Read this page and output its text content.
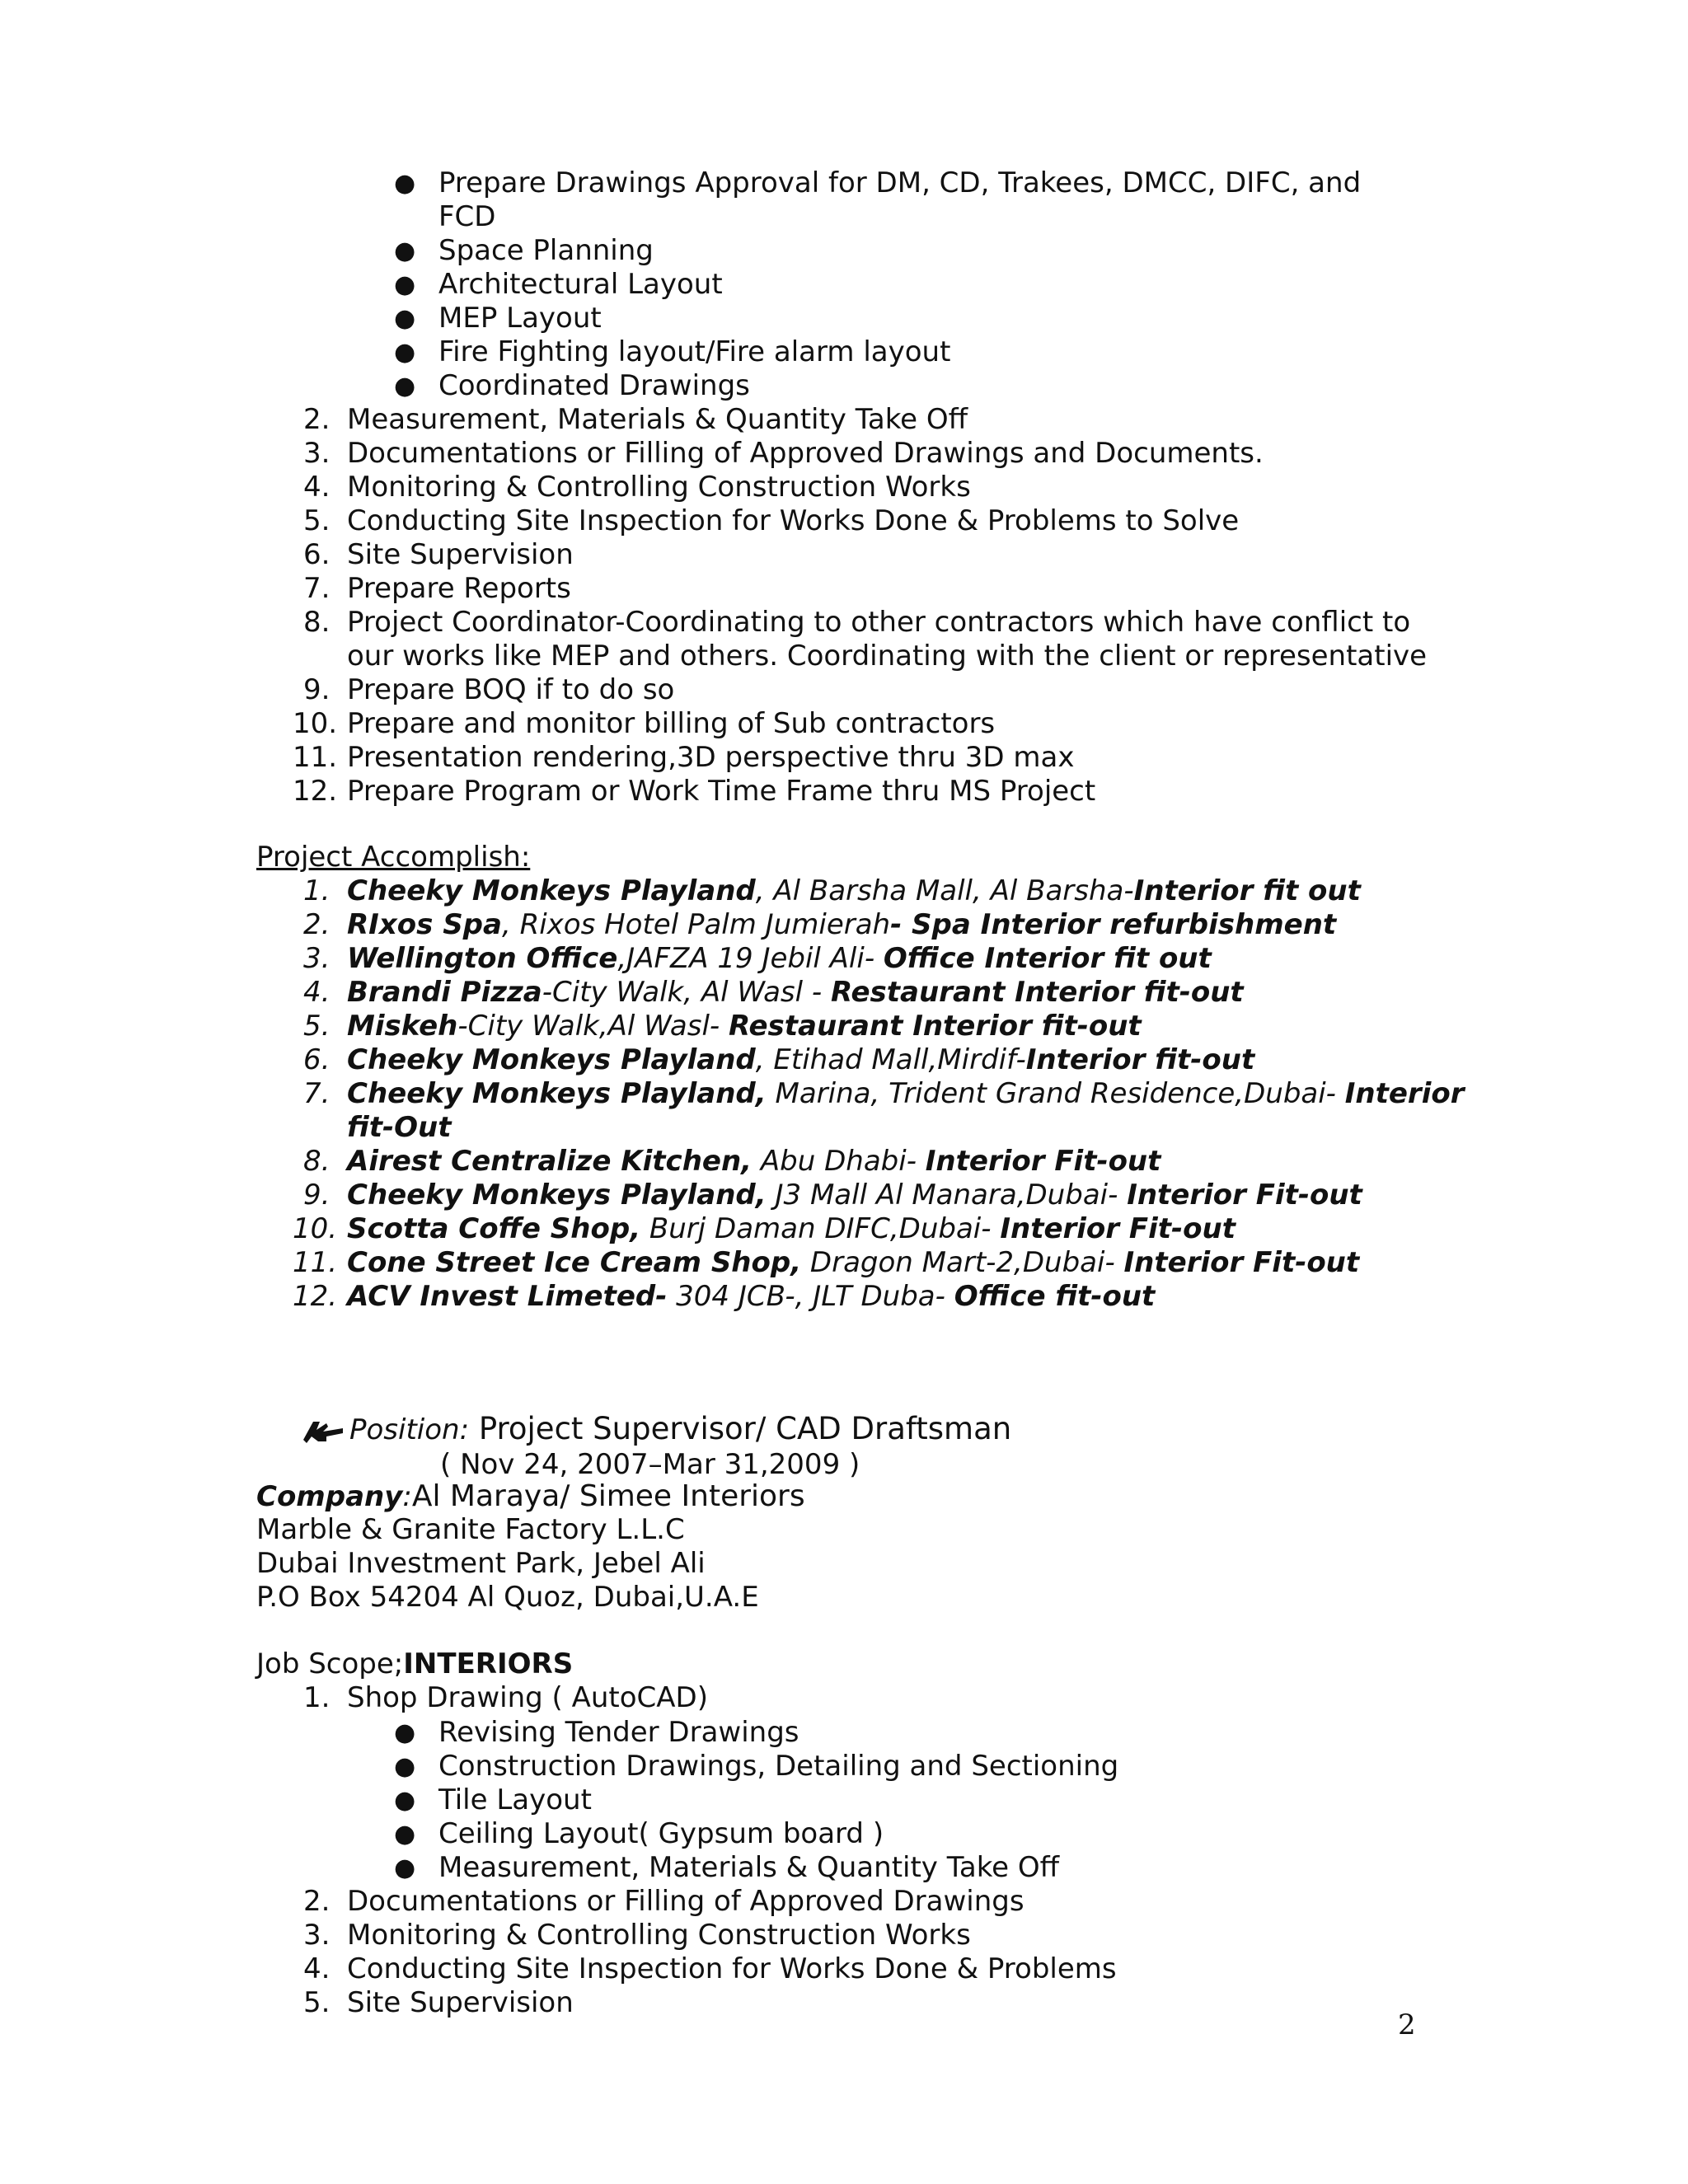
● Prepare Drawings Approval for DM, CD, Trakees, DMCC, DIFC, and
FCD
● Space Planning
● Architectural Layout
● MEP Layout
● Fire Fighting layout/Fire alarm layout
● Coordinated Drawings
2. Measurement, Materials & Quantity Take Off
3. Documentations or Filling of Approved Drawings and Documents.
4. Monitoring & Controlling Construction Works
5. Conducting Site Inspection for Works Done & Problems to Solve
6. Site Supervision
7. Prepare Reports
8. Project Coordinator-Coordinating to other contractors which have conflict to
our works like MEP and others. Coordinating with the client or representative
9. Prepare BOQ if to do so
10. Prepare and monitor billing of Sub contractors
11. Presentation rendering,3D perspective thru 3D max
12. Prepare Program or Work Time Frame thru MS Project
Project Accomplish:
1. Cheeky Monkeys Playland, Al Barsha Mall, Al Barsha-Interior fit out
2. RIxos Spa, Rixos Hotel Palm Jumierah- Spa Interior refurbishment
3. Wellington Office,JAFZA 19 Jebil Ali- Office Interior fit out
4. Brandi Pizza-City Walk, Al Wasl - Restaurant Interior fit-out
5. Miskeh-City Walk,Al Wasl- Restaurant Interior fit-out
6. Cheeky Monkeys Playland, Etihad Mall,Mirdif-Interior fit-out
7. Cheeky Monkeys Playland, Marina, Trident Grand Residence,Dubai- Interior
fit-Out
8. Airest Centralize Kitchen, Abu Dhabi- Interior Fit-out
9. Cheeky Monkeys Playland, J3 Mall Al Manara,Dubai- Interior Fit-out
10. Scotta Coffe Shop, Burj Daman DIFC,Dubai- Interior Fit-out
11. Cone Street Ice Cream Shop, Dragon Mart-2,Dubai- Interior Fit-out
12. ACV Invest Limeted- 304 JCB-, JLT Duba- Office fit-out
Position: Project Supervisor/ CAD Draftsman
( Nov 24, 2007–Mar 31,2009 )
Company:Al Maraya/ Simee Interiors
Marble & Granite Factory L.L.C
Dubai Investment Park, Jebel Ali
P.O Box 54204 Al Quoz, Dubai,U.A.E
Job Scope;INTERIORS
1. Shop Drawing ( AutoCAD)
● Revising Tender Drawings
● Construction Drawings, Detailing and Sectioning
● Tile Layout
● Ceiling Layout( Gypsum board )
● Measurement, Materials & Quantity Take Off
2. Documentations or Filling of Approved Drawings
3. Monitoring & Controlling Construction Works
4. Conducting Site Inspection for Works Done & Problems
5. Site Supervision
2
